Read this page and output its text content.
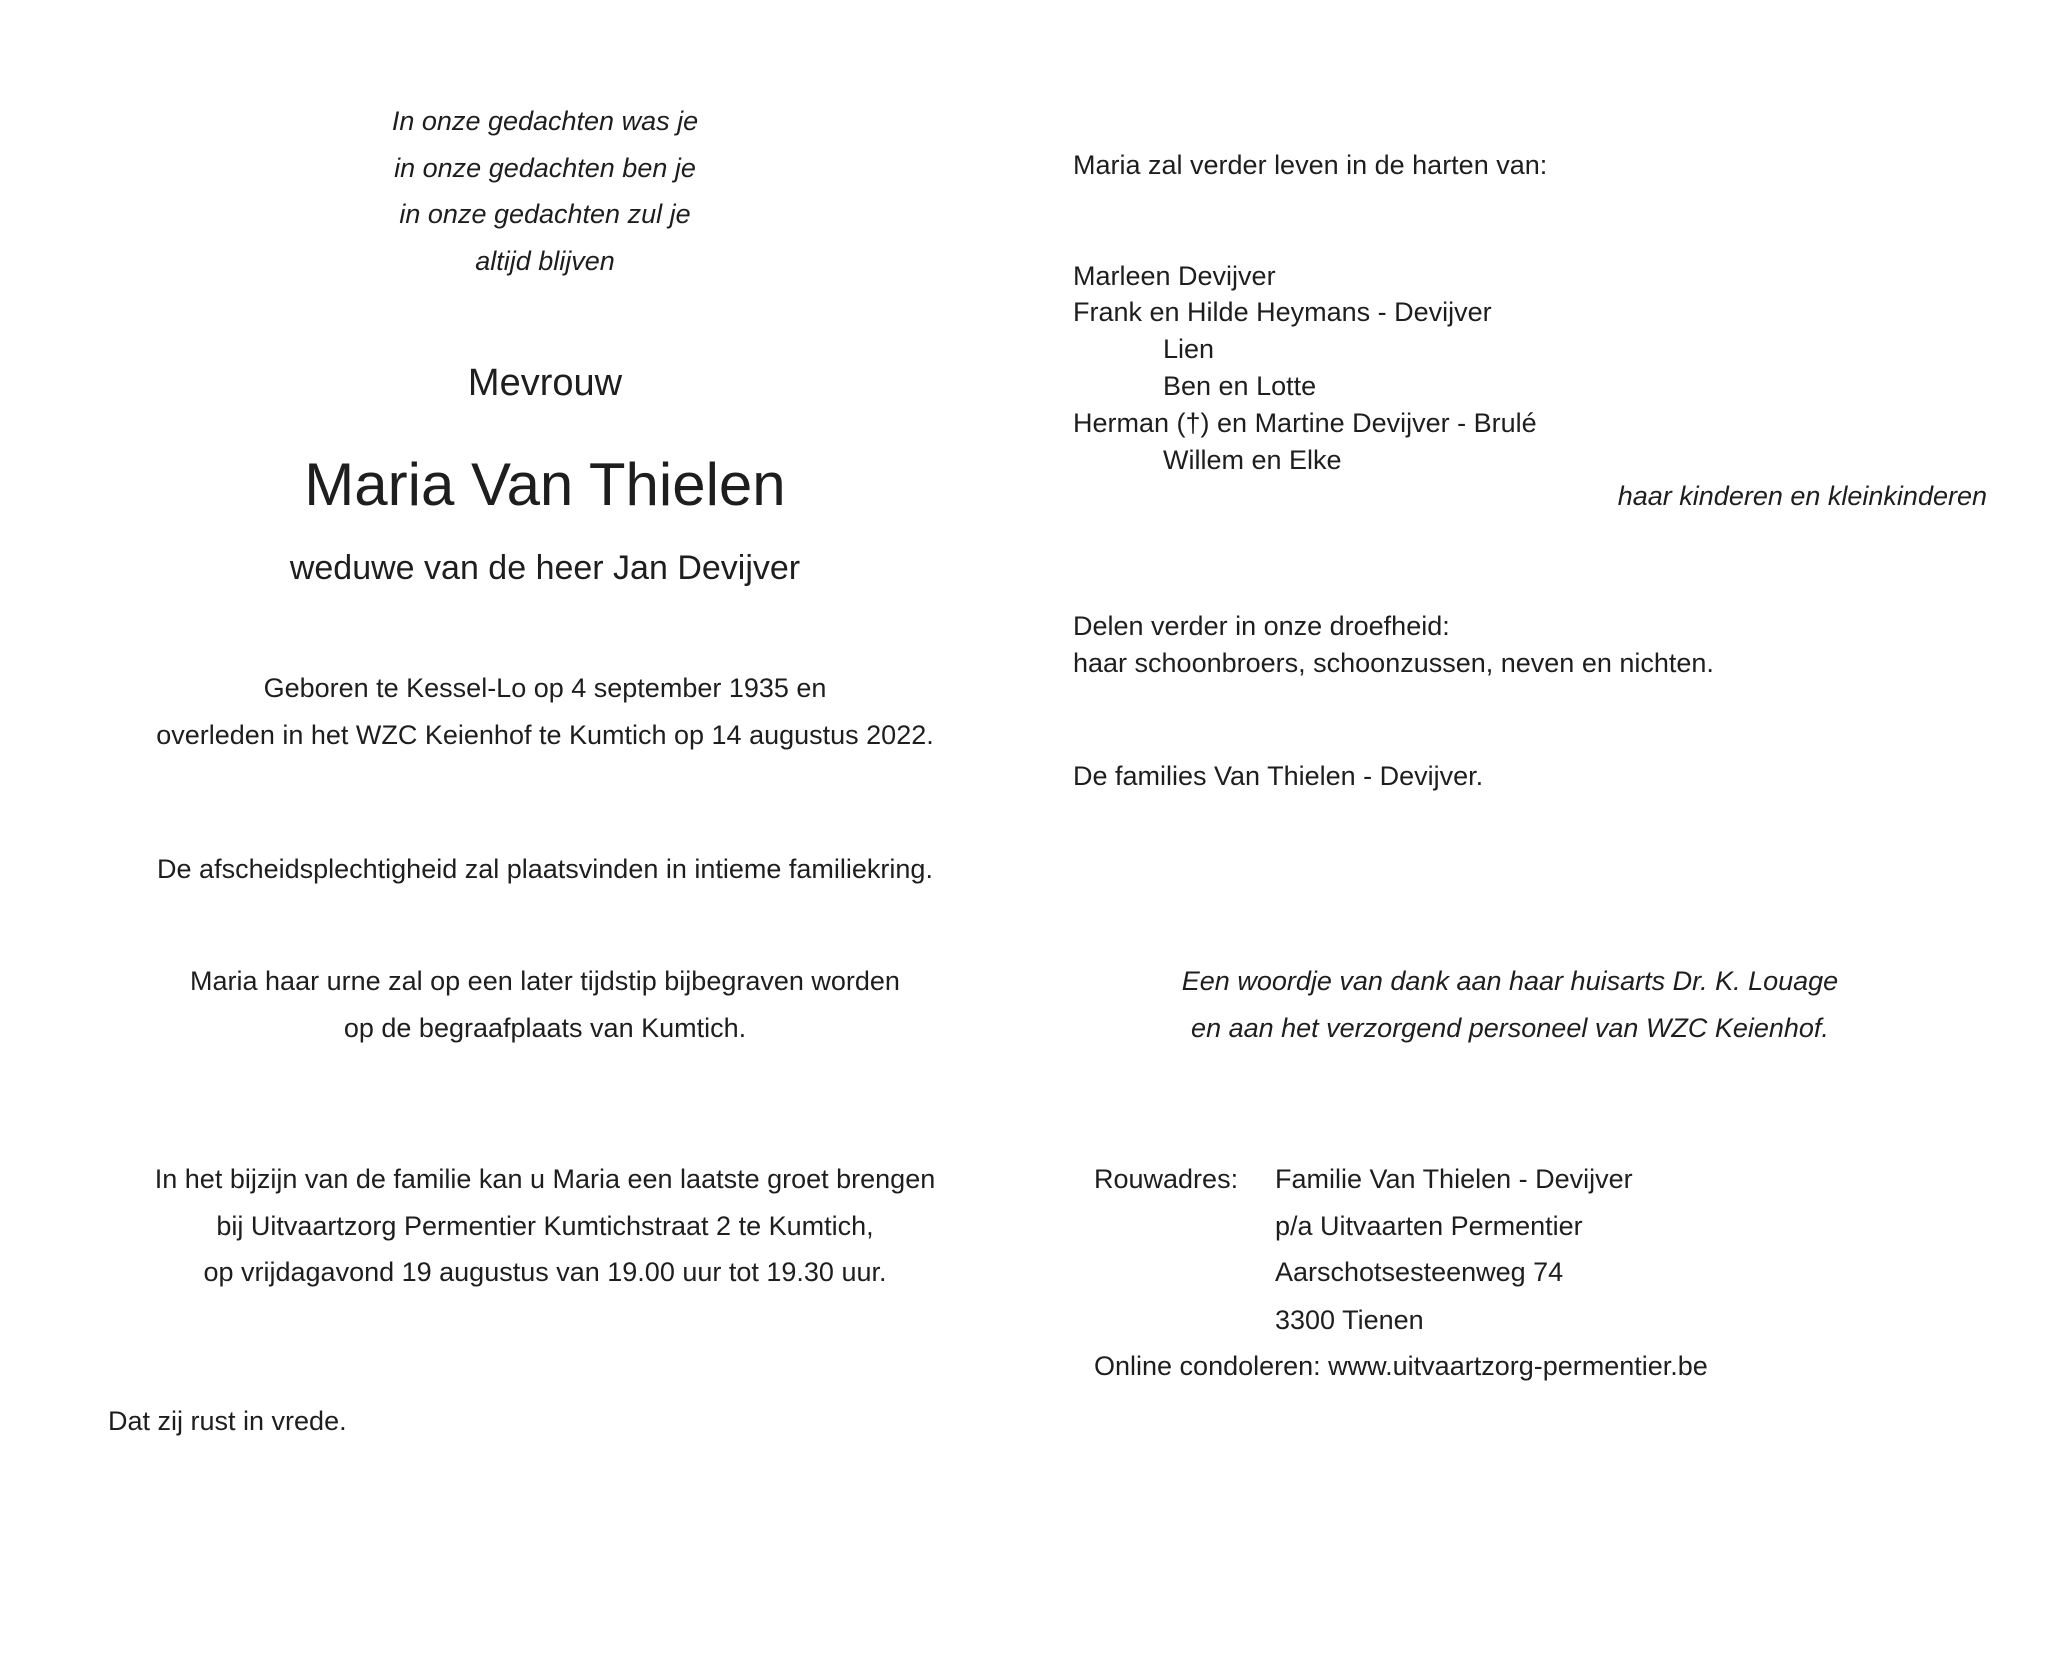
In onze gedachten was je
in onze gedachten ben je
in onze gedachten zul je
altijd blijven
Mevrouw
Maria Van Thielen
weduwe van de heer Jan Devijver
Geboren te Kessel-Lo op 4 september 1935 en
overleden in het WZC Keienhof te Kumtich op 14 augustus 2022.
De afscheidsplechtigheid zal plaatsvinden in intieme familiekring.
Maria haar urne zal op een later tijdstip bijbegraven worden
op de begraafplaats van Kumtich.
In het bijzijn van de familie kan u Maria een laatste groet brengen
bij Uitvaartzorg Permentier Kumtichstraat 2 te Kumtich,
op vrijdagavond 19 augustus van 19.00 uur tot 19.30 uur.
Dat zij rust in vrede.
Maria zal verder leven in de harten van:
Marleen Devijver
Frank en Hilde Heymans - Devijver
Lien
Ben en Lotte
Herman (†) en Martine Devijver - Brulé
Willem en Elke
haar kinderen en kleinkinderen
Delen verder in onze droefheid:
haar schoonbroers, schoonzussen, neven en nichten.
De families Van Thielen - Devijver.
Een woordje van dank aan haar huisarts Dr. K. Louage
en aan het verzorgend personeel van WZC Keienhof.
Rouwadres: Familie Van Thielen - Devijver
p/a Uitvaarten Permentier
Aarschotsesteenweg 74
3300 Tienen
Online condoleren: www.uitvaartzorg-permentier.be
